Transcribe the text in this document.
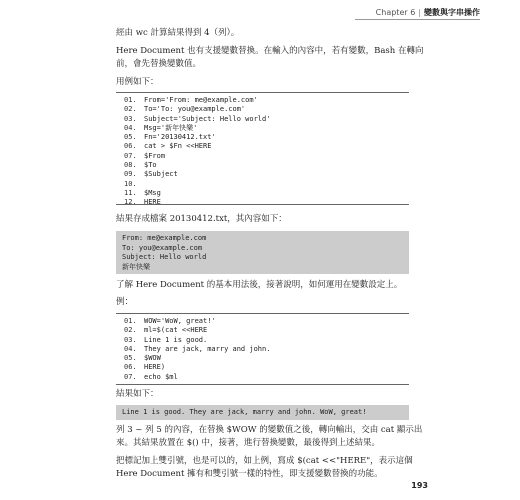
Chapter 6 | 變數與字串操作

經由 wc 計算結果得到 4（列）。

Here Document 也有支援變數替換。在輸入的內容中，若有變數，Bash 在轉向前，會先替換變數值。

用例如下：

01. From='From: me@example.com'
02. To='To: you@example.com'
03. Subject='Subject: Hello world'
04. Msg='新年快樂'
05. Fn='20130412.txt'
06. cat > $Fn <<HERE
07. $From
08. $To
09. $Subject
10.
11. $Msg
12. HERE

結果存成檔案 20130412.txt，其內容如下：

From: me@example.com
To: you@example.com
Subject: Hello world
新年快樂

了解 Here Document 的基本用法後，接著說明，如何運用在變數設定上。

例：

01. WOW='WoW, great!'
02. ml=$(cat <<HERE
03. Line 1 is good.
04. They are jack, marry and john.
05. $WOW
06. HERE)
07. echo $ml

結果如下：

Line 1 is good. They are jack, marry and john. WoW, great!

列 3 ~ 列 5 的內容，在替換 $WOW 的變數值之後，轉向輸出，交由 cat 顯示出來。其結果放置在 $() 中，接著，進行替換變數，最後得到上述結果。

把標記加上雙引號，也是可以的，如上例，寫成 $(cat <<"HERE"，表示這個 Here Document 擁有和雙引號一樣的特性，即支援變數替換的功能。

193
